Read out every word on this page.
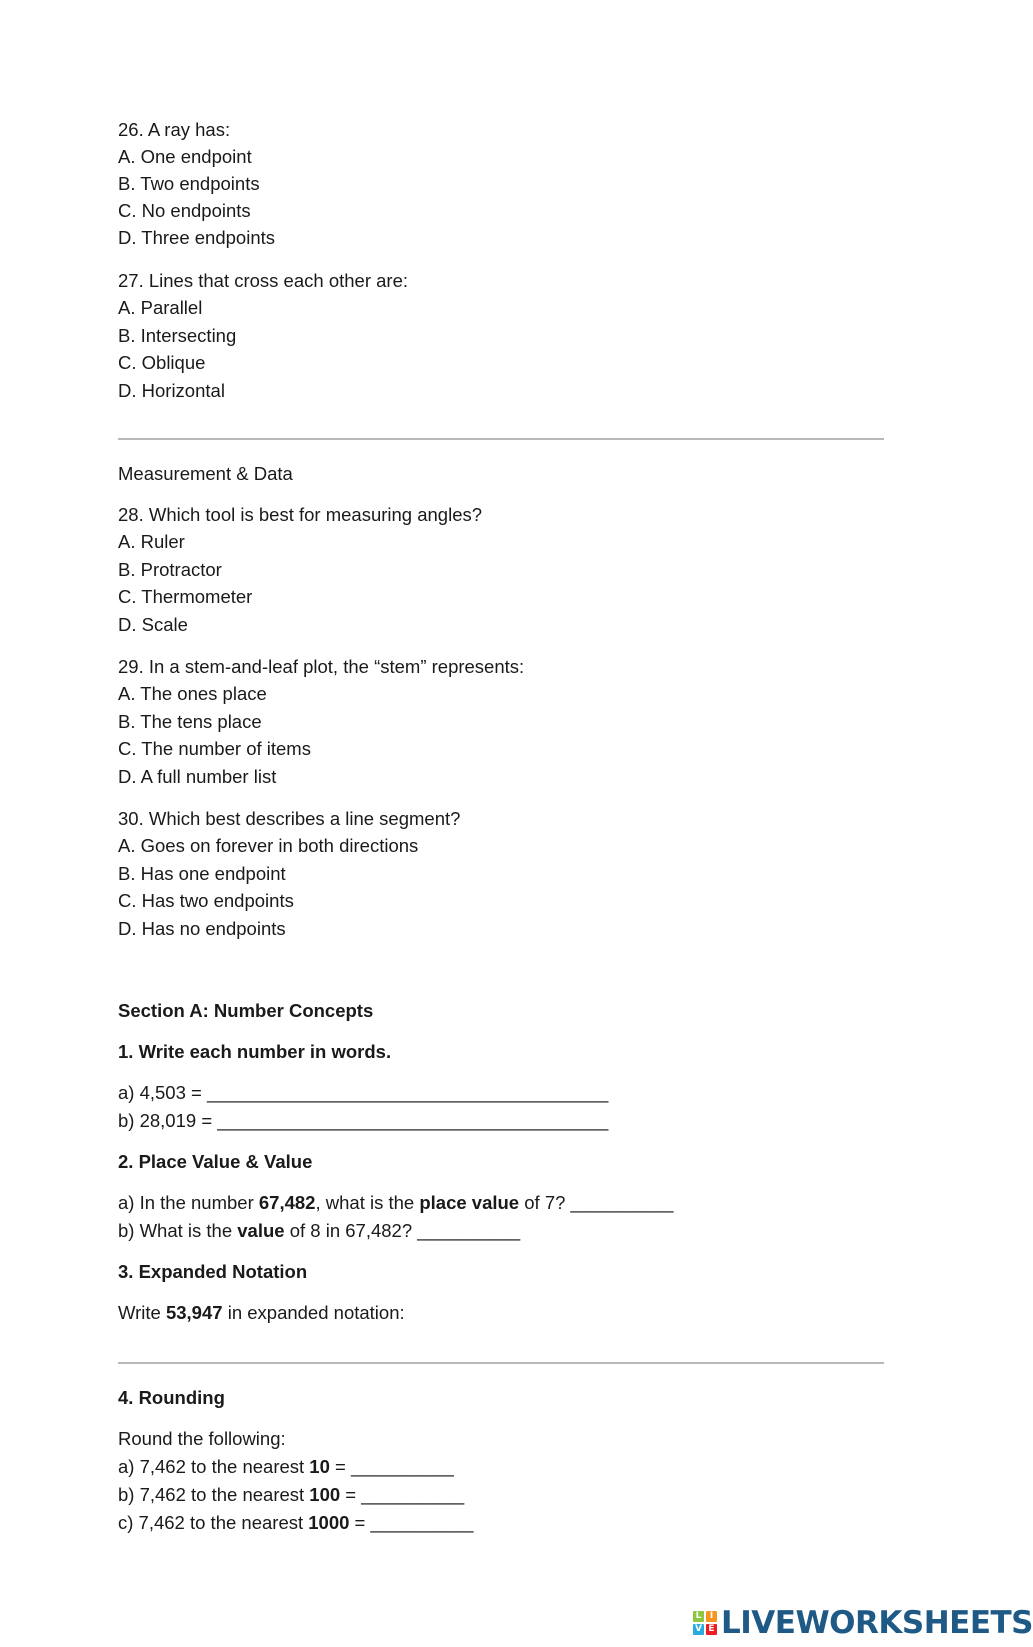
26. A ray has:
A. One endpoint
B. Two endpoints
C. No endpoints
D. Three endpoints
27. Lines that cross each other are:
A. Parallel
B. Intersecting
C. Oblique
D. Horizontal
Measurement & Data
28. Which tool is best for measuring angles?
A. Ruler
B. Protractor
C. Thermometer
D. Scale
29. In a stem-and-leaf plot, the “stem” represents:
A. The ones place
B. The tens place
C. The number of items
D. A full number list
30. Which best describes a line segment?
A. Goes on forever in both directions
B. Has one endpoint
C. Has two endpoints
D. Has no endpoints
Section A: Number Concepts
1. Write each number in words.
a) 4,503 = _______________________________________
b) 28,019 = ______________________________________
2. Place Value & Value
a) In the number 67,482, what is the place value of 7? __________
b) What is the value of 8 in 67,482? __________
3. Expanded Notation
Write 53,947 in expanded notation:
4. Rounding
Round the following:
a) 7,462 to the nearest 10 = __________
b) 7,462 to the nearest 100 = __________
c) 7,462 to the nearest 1000 = __________
L I
V E LIVEWORKSHEETS
